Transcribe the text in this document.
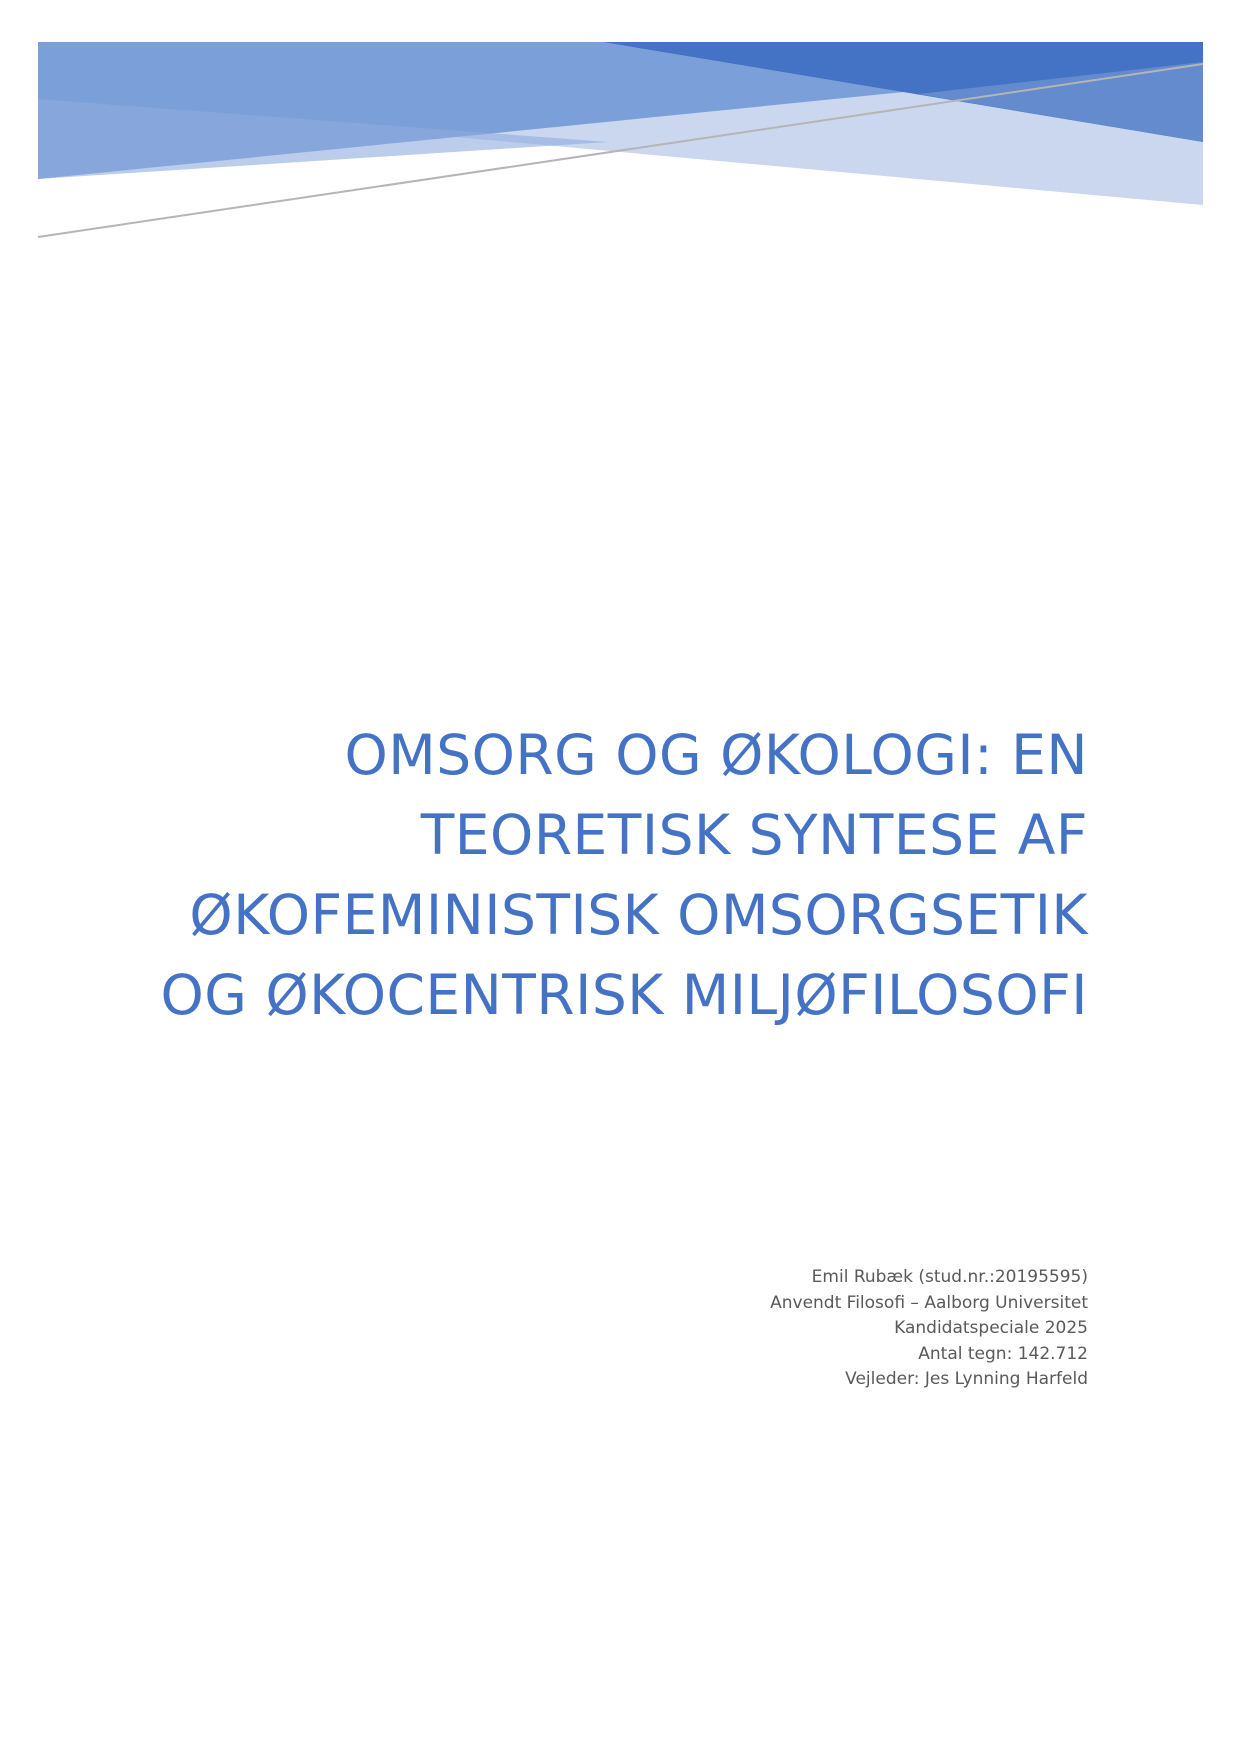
OMSORG OG ØKOLOGI: EN
TEORETISK SYNTESE AF
ØKOFEMINISTISK OMSORGSETIK
OG ØKOCENTRISK MILJØFILOSOFI
Emil Rubæk (stud.nr.:20195595)
Anvendt Filosofi – Aalborg Universitet
Kandidatspeciale 2025
Antal tegn: 142.712
Vejleder: Jes Lynning Harfeld
